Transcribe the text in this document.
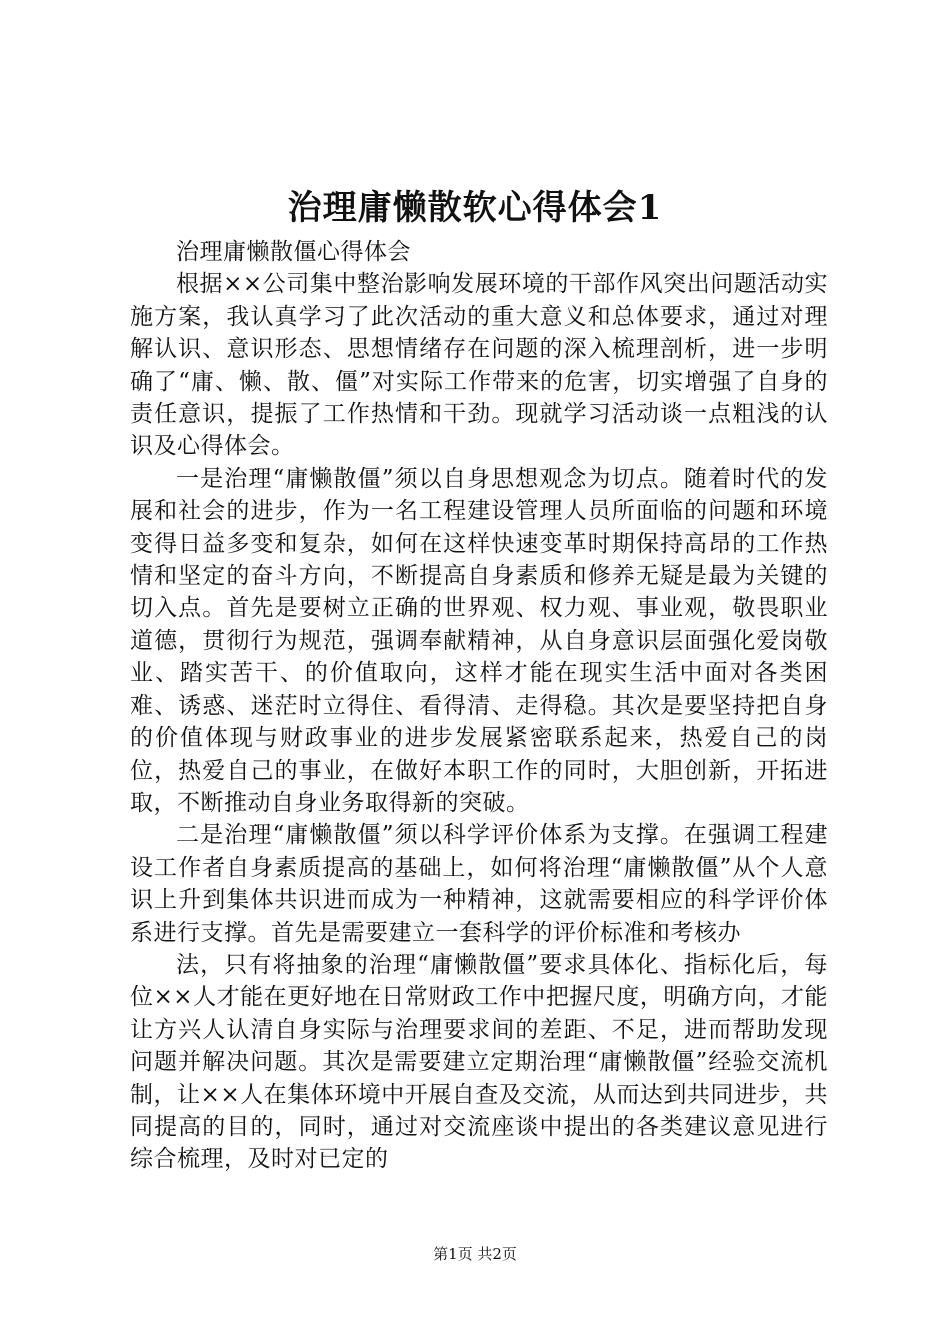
治理庸懒散软心得体会1

治理庸懒散僵心得体会

根据××公司集中整治影响发展环境的干部作风突出问题活动实施方案，我认真学习了此次活动的重大意义和总体要求，通过对理解认识、意识形态、思想情绪存在问题的深入梳理剖析，进一步明确了“庸、懒、散、僵”对实际工作带来的危害，切实增强了自身的责任意识，提振了工作热情和干劲。现就学习活动谈一点粗浅的认识及心得体会。

一是治理“庸懒散僵”须以自身思想观念为切点。随着时代的发展和社会的进步，作为一名工程建设管理人员所面临的问题和环境变得日益多变和复杂，如何在这样快速变革时期保持高昂的工作热情和坚定的奋斗方向，不断提高自身素质和修养无疑是最为关键的切入点。首先是要树立正确的世界观、权力观、事业观，敬畏职业道德，贯彻行为规范，强调奉献精神，从自身意识层面强化爱岗敬业、踏实苦干、的价值取向，这样才能在现实生活中面对各类困难、诱惑、迷茫时立得住、看得清、走得稳。其次是要坚持把自身的价值体现与财政事业的进步发展紧密联系起来，热爱自己的岗位，热爱自己的事业，在做好本职工作的同时，大胆创新，开拓进取，不断推动自身业务取得新的突破。

二是治理“庸懒散僵”须以科学评价体系为支撑。在强调工程建设工作者自身素质提高的基础上，如何将治理“庸懒散僵”从个人意识上升到集体共识进而成为一种精神，这就需要相应的科学评价体系进行支撑。首先是需要建立一套科学的评价标准和考核办

法，只有将抽象的治理“庸懒散僵”要求具体化、指标化后，每位××人才能在更好地在日常财政工作中把握尺度，明确方向，才能让方兴人认清自身实际与治理要求间的差距、不足，进而帮助发现问题并解决问题。其次是需要建立定期治理“庸懒散僵”经验交流机制，让××人在集体环境中开展自查及交流，从而达到共同进步，共同提高的目的，同时，通过对交流座谈中提出的各类建议意见进行综合梳理，及时对已定的

第1页 共2页
